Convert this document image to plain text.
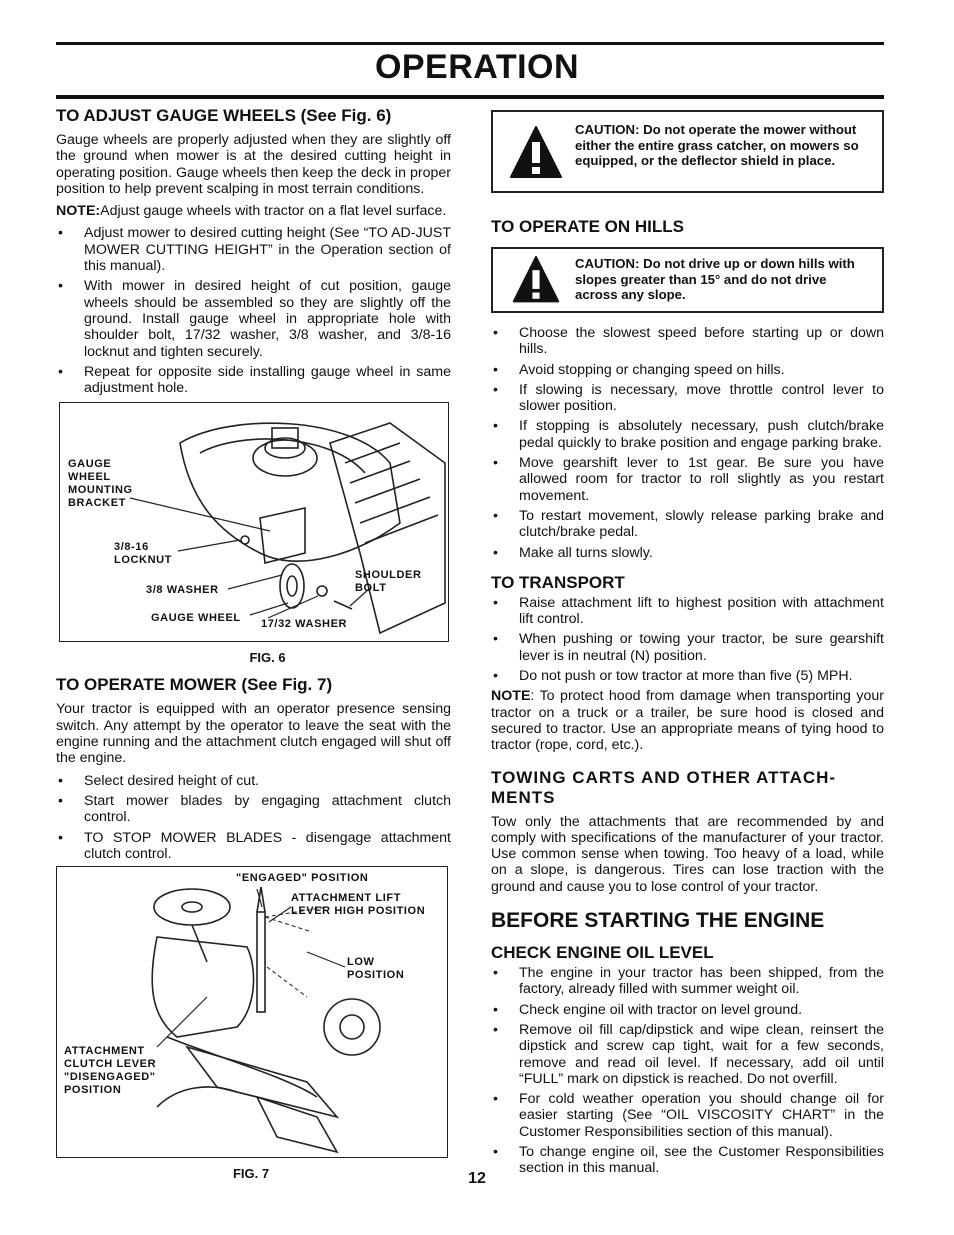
OPERATION
TO ADJUST GAUGE WHEELS (See Fig. 6)

Gauge wheels are properly adjusted when they are slightly off the ground when mower is at the desired cutting height in operating position. Gauge wheels then keep the deck in proper position to help prevent scalping in most terrain conditions.

NOTE:Adjust gauge wheels with tractor on a flat level surface.

• Adjust mower to desired cutting height (See “TO AD-JUST MOWER CUTTING HEIGHT” in the Operation section of this manual).
• With mower in desired height of cut position, gauge wheels should be assembled so they are slightly off the ground. Install gauge wheel in appropriate hole with shoulder bolt, 17/32 washer, 3/8 washer, and 3/8-16 locknut and tighten securely.
• Repeat for opposite side installing gauge wheel in same adjustment hole.
GAUGE
WHEEL
MOUNTING
BRACKET
3/8-16
LOCKNUT
3/8 WASHER
GAUGE WHEEL 17/32 WASHER
SHOULDER
BOLT
FIG. 6
TO OPERATE MOWER (See Fig. 7)

Your tractor is equipped with an operator presence sensing switch. Any attempt by the operator to leave the seat with the engine running and the attachment clutch engaged will shut off the engine.

• Select desired height of cut.
• Start mower blades by engaging attachment clutch control.
• TO STOP MOWER BLADES - disengage attachment clutch control.
"ENGAGED" POSITION
ATTACHMENT LIFT
LEVER HIGH POSITION
LOW
POSITION
ATTACHMENT
CLUTCH LEVER
"DISENGAGED"
POSITION
FIG. 7
CAUTION: Do not operate the mower without either the entire grass catcher, on mowers so equipped, or the deflector shield in place.
TO OPERATE ON HILLS
CAUTION: Do not drive up or down hills with slopes greater than 15° and do not drive across any slope.
• Choose the slowest speed before starting up or down hills.
• Avoid stopping or changing speed on hills.
• If slowing is necessary, move throttle control lever to slower position.
• If stopping is absolutely necessary, push clutch/brake pedal quickly to brake position and engage parking brake.
• Move gearshift lever to 1st gear. Be sure you have allowed room for tractor to roll slightly as you restart movement.
• To restart movement, slowly release parking brake and clutch/brake pedal.
• Make all turns slowly.
TO TRANSPORT
• Raise attachment lift to highest position with attachment lift control.
• When pushing or towing your tractor, be sure gearshift lever is in neutral (N) position.
• Do not push or tow tractor at more than five (5) MPH.

NOTE: To protect hood from damage when transporting your tractor on a truck or a trailer, be sure hood is closed and secured to tractor. Use an appropriate means of tying hood to tractor (rope, cord, etc.).

TOWING CARTS AND OTHER ATTACH-MENTS

Tow only the attachments that are recommended by and comply with specifications of the manufacturer of your tractor. Use common sense when towing. Too heavy of a load, while on a slope, is dangerous. Tires can lose traction with the ground and cause you to lose control of your tractor.

BEFORE STARTING THE ENGINE
CHECK ENGINE OIL LEVEL
• The engine in your tractor has been shipped, from the factory, already filled with summer weight oil.
• Check engine oil with tractor on level ground.
• Remove oil fill cap/dipstick and wipe clean, reinsert the dipstick and screw cap tight, wait for a few seconds, remove and read oil level. If necessary, add oil until “FULL” mark on dipstick is reached. Do not overfill.
• For cold weather operation you should change oil for easier starting (See “OIL VISCOSITY CHART” in the Customer Responsibilities section of this manual).
• To change engine oil, see the Customer Responsibilities section in this manual.
12
